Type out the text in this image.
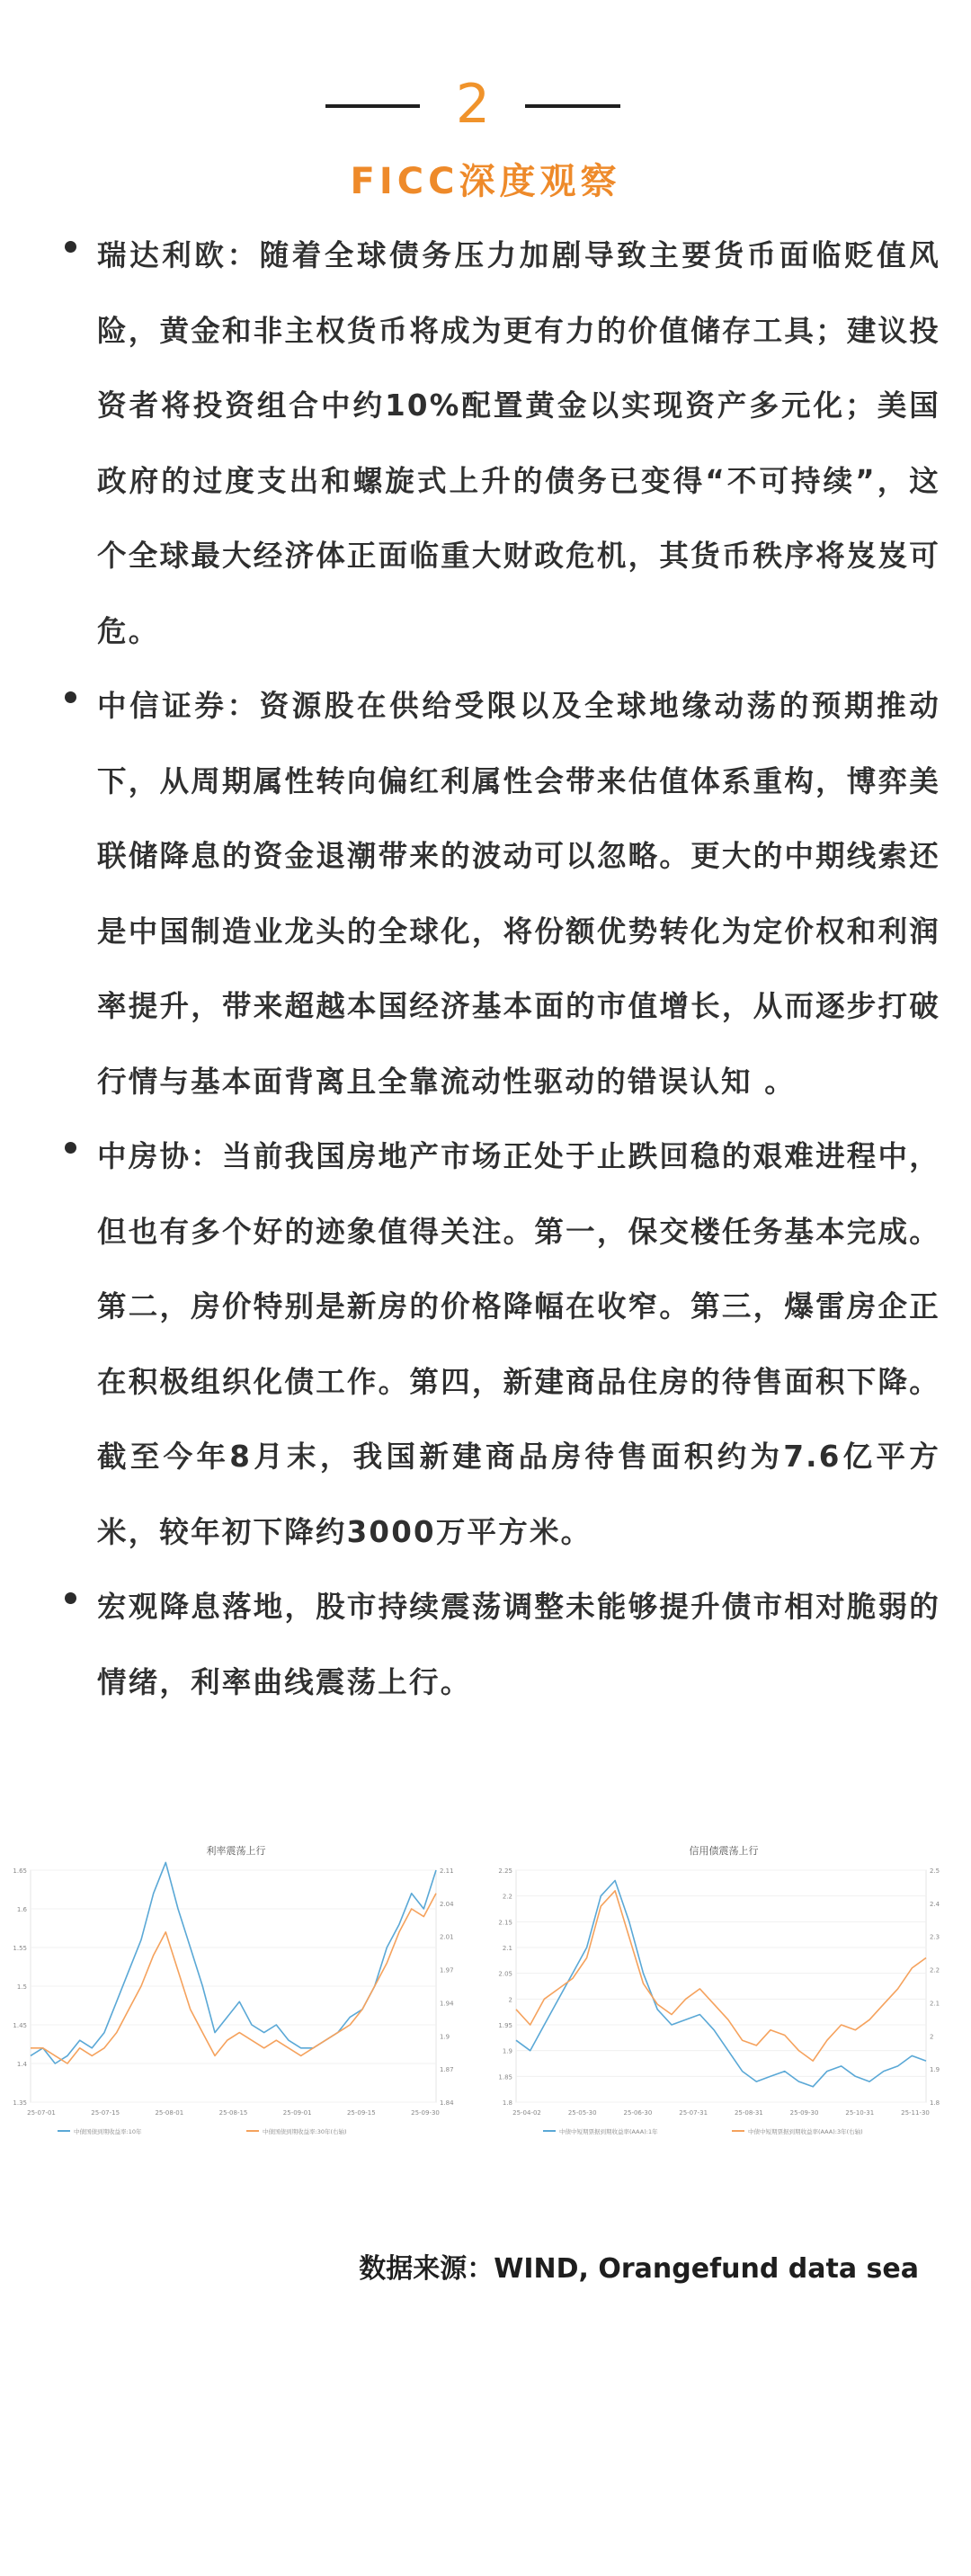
2
FICC深度观察
瑞达利欧：随着全球债务压力加剧导致主要货币面临贬值风险，黄金和非主权货币将成为更有力的价值储存工具；建议投资者将投资组合中约10%配置黄金以实现资产多元化；美国政府的过度支出和螺旋式上升的债务已变得“不可持续”，这个全球最大经济体正面临重大财政危机，其货币秩序将岌岌可危。
中信证券：资源股在供给受限以及全球地缘动荡的预期推动下，从周期属性转向偏红利属性会带来估值体系重构，博弈美联储降息的资金退潮带来的波动可以忽略。更大的中期线索还是中国制造业龙头的全球化，将份额优势转化为定价权和利润率提升，带来超越本国经济基本面的市值增长，从而逐步打破行情与基本面背离且全靠流动性驱动的错误认知 。
中房协：当前我国房地产市场正处于止跌回稳的艰难进程中，但也有多个好的迹象值得关注。第一，保交楼任务基本完成。第二，房价特别是新房的价格降幅在收窄。第三，爆雷房企正在积极组织化债工作。第四，新建商品住房的待售面积下降。截至今年8月末，我国新建商品房待售面积约为7.6亿平方米，较年初下降约3000万平方米。
宏观降息落地，股市持续震荡调整未能够提升债市相对脆弱的情绪，利率曲线震荡上行。
利率震荡上行
1.65
1.6
1.55
1.5
1.45
1.4
1.35
2.11
2.04
2.01
1.97
1.94
1.9
1.87
1.84
25-07-01	25-07-15	25-08-01	25-08-15	25-09-01	25-09-15	25-09-30
中债国债到期收益率:10年	中债国债到期收益率:30年(右轴)
信用债震荡上行
2.25
2.2
2.15
2.1
2.05
2
1.95
1.9
1.85
1.8
2.5
2.4
2.3
2.2
2.1
2
1.9
1.8
25-04-02	25-05-30	25-06-30	25-07-31	25-08-31	25-09-30	25-10-31	25-11-30
中债中短期票据到期收益率(AAA):1年	中债中短期票据到期收益率(AAA):3年(右轴)
数据来源：WIND, Orangefund data sea
